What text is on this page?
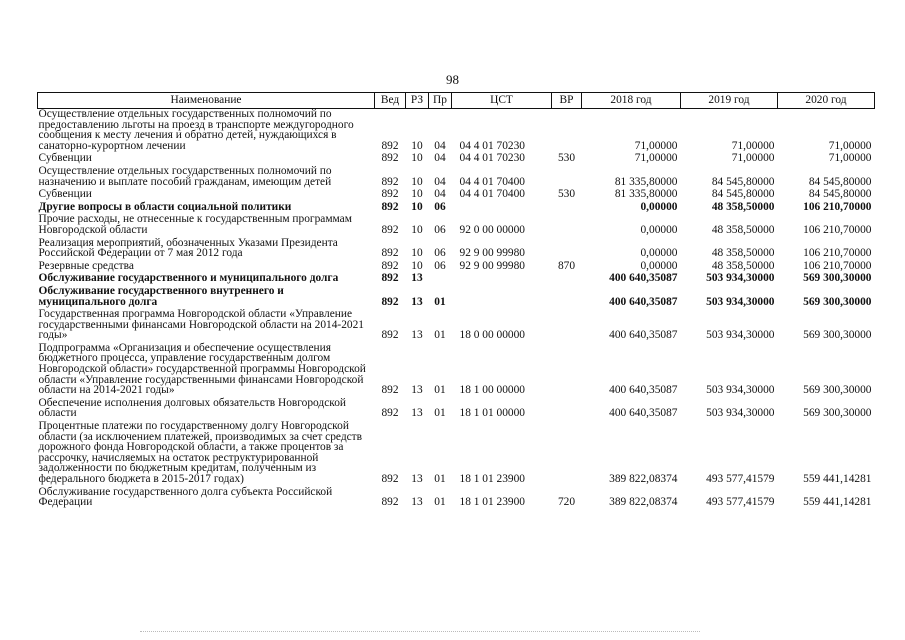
98
Наименование	Вед	РЗ	Пр	ЦСТ	ВР	2018 год	2019 год	2020 год
Осуществление отдельных государственных полномочий по предоставлению льготы на проезд в транспорте междугородного сообщения к месту лечения и обратно детей, нуждающихся в санаторно-курортном лечении	892	10	04	04 4 01 70230		71,00000	71,00000	71,00000
Субвенции	892	10	04	04 4 01 70230	530	71,00000	71,00000	71,00000
Осуществление отдельных государственных полномочий по назначению и выплате пособий гражданам, имеющим детей	892	10	04	04 4 01 70400		81 335,80000	84 545,80000	84 545,80000
Субвенции	892	10	04	04 4 01 70400	530	81 335,80000	84 545,80000	84 545,80000
Другие вопросы в области социальной политики	892	10	06			0,00000	48 358,50000	106 210,70000
Прочие расходы, не отнесенные к государственным программам Новгородской области	892	10	06	92 0 00 00000		0,00000	48 358,50000	106 210,70000
Реализация мероприятий, обозначенных Указами Президента Российской Федерации от 7 мая 2012 года	892	10	06	92 9 00 99980		0,00000	48 358,50000	106 210,70000
Резервные средства	892	10	06	92 9 00 99980	870	0,00000	48 358,50000	106 210,70000
Обслуживание государственного и муниципального долга	892	13				400 640,35087	503 934,30000	569 300,30000
Обслуживание государственного внутреннего и муниципального долга	892	13	01			400 640,35087	503 934,30000	569 300,30000
Государственная программа Новгородской области «Управление государственными финансами Новгородской области на 2014-2021 годы»	892	13	01	18 0 00 00000		400 640,35087	503 934,30000	569 300,30000
Подпрограмма «Организация и обеспечение осуществления бюджетного процесса, управление государственным долгом Новгородской области» государственной программы Новгородской области «Управление государственными финансами Новгородской области на 2014-2021 годы»	892	13	01	18 1 00 00000		400 640,35087	503 934,30000	569 300,30000
Обеспечение исполнения долговых обязательств Новгородской области	892	13	01	18 1 01 00000		400 640,35087	503 934,30000	569 300,30000
Процентные платежи по государственному долгу Новгородской области (за исключением платежей, производимых за счет средств дорожного фонда Новгородской области, а также процентов за рассрочку, начисляемых на остаток реструктурированной задолженности по бюджетным кредитам, полученным из федерального бюджета в 2015-2017 годах)	892	13	01	18 1 01 23900		389 822,08374	493 577,41579	559 441,14281
Обслуживание государственного долга субъекта Российской Федерации	892	13	01	18 1 01 23900	720	389 822,08374	493 577,41579	559 441,14281
